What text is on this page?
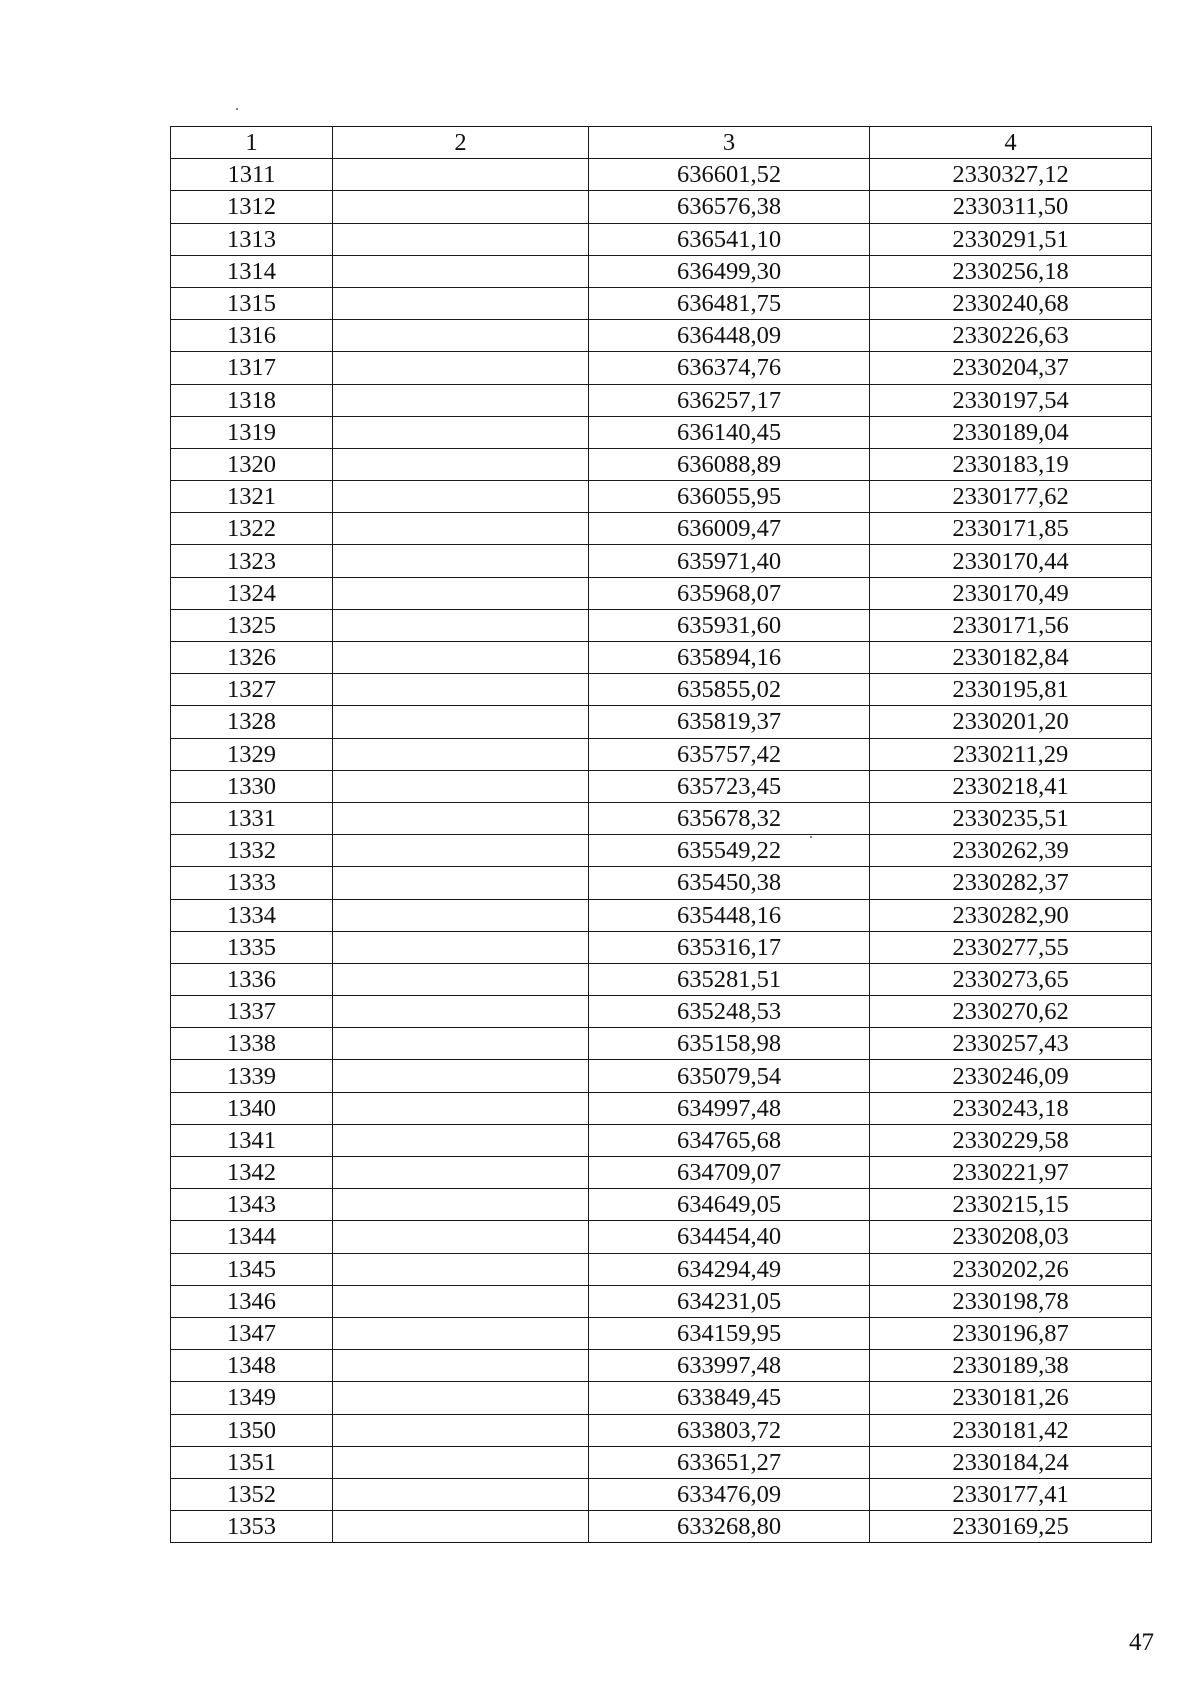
1	2	3	4
1311		636601,52	2330327,12
1312		636576,38	2330311,50
1313		636541,10	2330291,51
1314		636499,30	2330256,18
1315		636481,75	2330240,68
1316		636448,09	2330226,63
1317		636374,76	2330204,37
1318		636257,17	2330197,54
1319		636140,45	2330189,04
1320		636088,89	2330183,19
1321		636055,95	2330177,62
1322		636009,47	2330171,85
1323		635971,40	2330170,44
1324		635968,07	2330170,49
1325		635931,60	2330171,56
1326		635894,16	2330182,84
1327		635855,02	2330195,81
1328		635819,37	2330201,20
1329		635757,42	2330211,29
1330		635723,45	2330218,41
1331		635678,32	2330235,51
1332		635549,22	2330262,39
1333		635450,38	2330282,37
1334		635448,16	2330282,90
1335		635316,17	2330277,55
1336		635281,51	2330273,65
1337		635248,53	2330270,62
1338		635158,98	2330257,43
1339		635079,54	2330246,09
1340		634997,48	2330243,18
1341		634765,68	2330229,58
1342		634709,07	2330221,97
1343		634649,05	2330215,15
1344		634454,40	2330208,03
1345		634294,49	2330202,26
1346		634231,05	2330198,78
1347		634159,95	2330196,87
1348		633997,48	2330189,38
1349		633849,45	2330181,26
1350		633803,72	2330181,42
1351		633651,27	2330184,24
1352		633476,09	2330177,41
1353		633268,80	2330169,25
47
